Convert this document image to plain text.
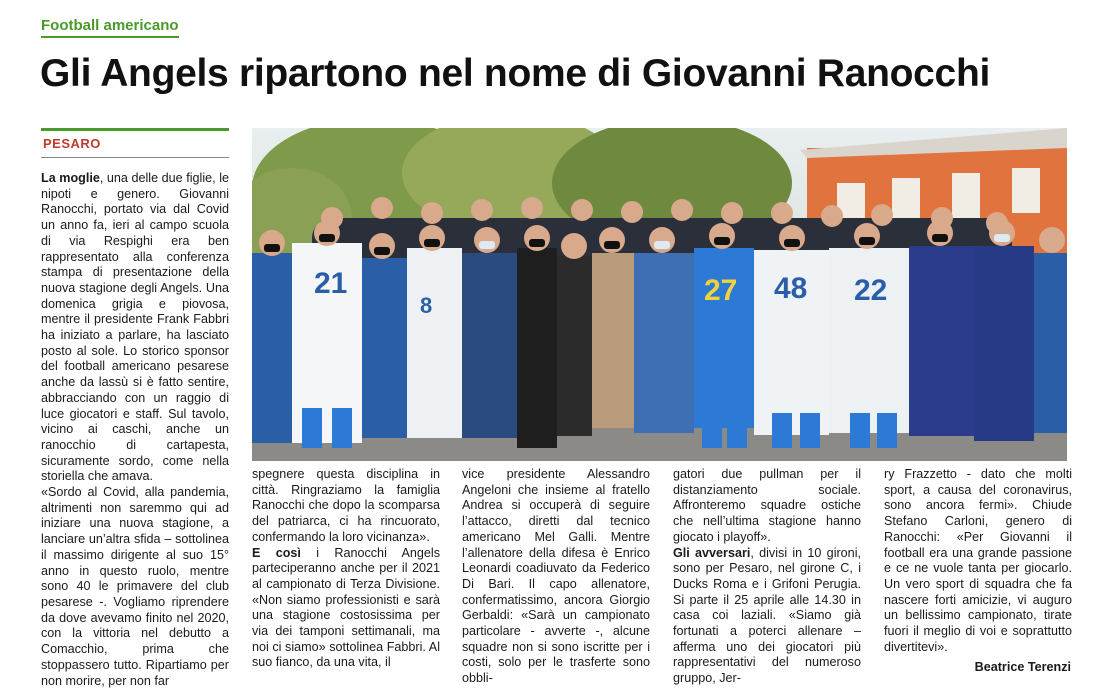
Football americano
Gli Angels ripartono nel nome di Giovanni Ranocchi
PESARO

La moglie, una delle due figlie, le nipoti e genero. Giovanni Ranocchi, portato via dal Covid un anno fa, ieri al campo scuola di via Respighi era ben rappresentato alla conferenza stampa di presentazione della nuova stagione degli Angels. Una domenica grigia e piovosa, mentre il presidente Frank Fabbri ha iniziato a parlare, ha lasciato posto al sole. Lo storico sponsor del football americano pesarese anche da lassù si è fatto sentire, abbracciando con un raggio di luce giocatori e staff. Sul tavolo, vicino ai caschi, anche un ranocchio di cartapesta, sicuramente sordo, come nella storiella che amava.

«Sordo al Covid, alla pandemia, altrimenti non saremmo qui ad iniziare una nuova stagione, a lanciare un’altra sfida – sottolinea il massimo dirigente al suo 15° anno in questo ruolo, mentre sono 40 le primavere del club pesarese -. Vogliamo riprendere da dove avevamo finito nel 2020, con la vittoria nel debutto a Comacchio, prima che stoppassero tutto. Ripartiamo per non morire, per non far

21
8	27 48 22

spegnere questa disciplina in città. Ringraziamo la famiglia Ranocchi che dopo la scomparsa del patriarca, ci ha rincuorato, confermando la loro vicinanza».

E così i Ranocchi Angels parteciperanno anche per il 2021 al campionato di Terza Divisione. «Non siamo professionisti e sarà una stagione costosissima per via dei tamponi settimanali, ma noi ci siamo» sottolinea Fabbri. Al suo fianco, da una vita, il

vice presidente Alessandro Angeloni che insieme al fratello Andrea si occuperà di seguire l’attacco, diretti dal tecnico americano Mel Galli. Mentre l’allenatore della difesa è Enrico Leonardi coadiuvato da Federico Di Bari. Il capo allenatore, confermatissimo, ancora Giorgio Gerbaldi: «Sarà un campionato particolare - avverte -, alcune squadre non si sono iscritte per i costi, solo per le trasferte sono obbli-

gatori due pullman per il distanziamento sociale. Affronteremo squadre ostiche che nell’ultima stagione hanno giocato i playoff».

Gli avversari, divisi in 10 gironi, sono per Pesaro, nel girone C, i Ducks Roma e i Grifoni Perugia. Si parte il 25 aprile alle 14.30 in casa coi laziali. «Siamo già fortunati a poterci allenare – afferma uno dei giocatori più rappresentativi del numeroso gruppo, Jer-

ry Frazzetto - dato che molti sport, a causa del coronavirus, sono ancora fermi». Chiude Stefano Carloni, genero di Ranocchi: «Per Giovanni il football era una grande passione e ce ne vuole tanta per giocarlo. Un vero sport di squadra che fa nascere forti amicizie, vi auguro un bellissimo campionato, tirate fuori il meglio di voi e soprattutto divertitevi».

Beatrice Terenzi
